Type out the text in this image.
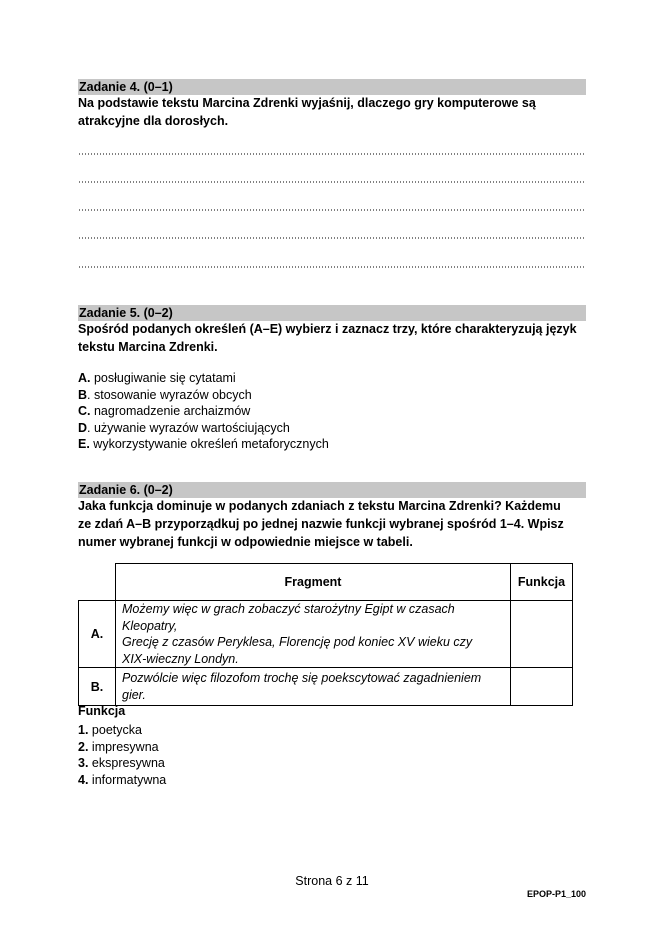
Zadanie 4. (0–1)
Na podstawie tekstu Marcina Zdrenki wyjaśnij, dlaczego gry komputerowe są
atrakcyjne dla dorosłych.
Zadanie 5. (0–2)
Spośród podanych określeń (A–E) wybierz i zaznacz trzy, które charakteryzują język
tekstu Marcina Zdrenki.
A. posługiwanie się cytatami
B. stosowanie wyrazów obcych
C. nagromadzenie archaizmów
D. używanie wyrazów wartościujących
E. wykorzystywanie określeń metaforycznych
Zadanie 6. (0–2)
Jaka funkcja dominuje w podanych zdaniach z tekstu Marcina Zdrenki? Każdemu
ze zdań A–B przyporządkuj po jednej nazwie funkcji wybranej spośród 1–4. Wpisz
numer wybranej funkcji w odpowiednie miejsce w tabeli.
	Fragment	Funkcja
A.	Możemy więc w grach zobaczyć starożytny Egipt w czasach Kleopatry,
Grecję z czasów Peryklesa, Florencję pod koniec XV wieku czy
XIX-wieczny Londyn.	

B.	Pozwólcie więc filozofom trochę się poekscytować zagadnieniem gier.	

Funkcja
1. poetycka
2. impresywna
3. ekspresywna
4. informatywna
Strona 6 z 11
EPOP-P1_100
